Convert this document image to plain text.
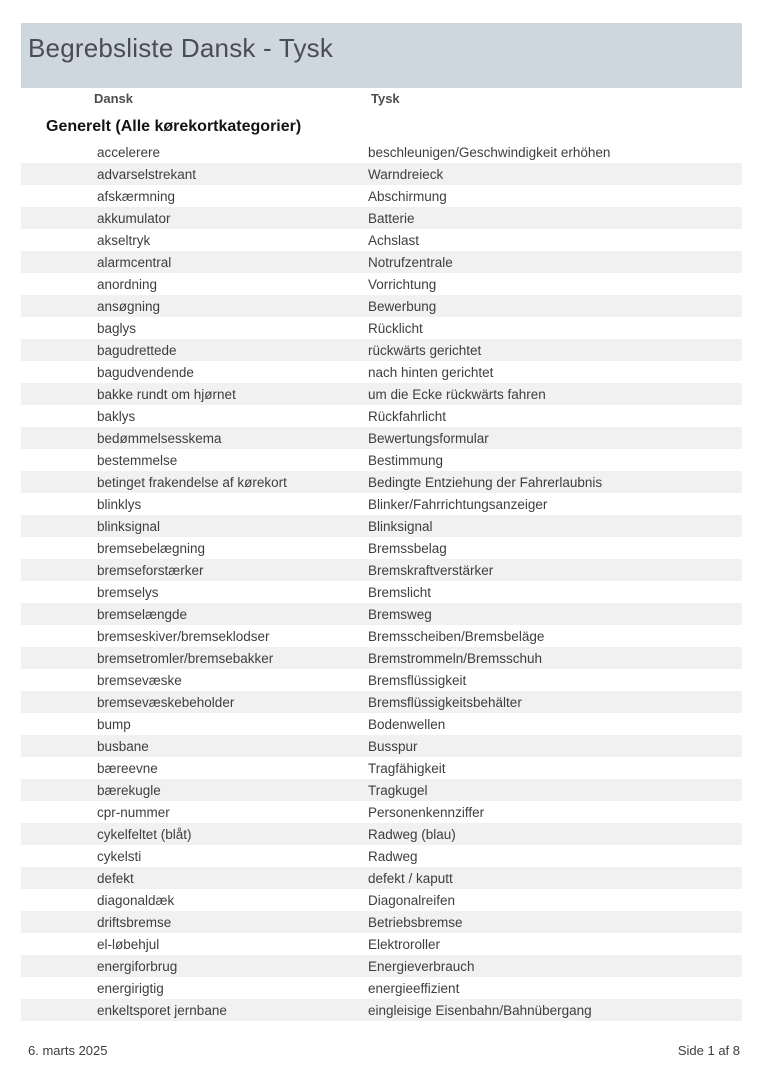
Begrebsliste Dansk - Tysk
Dansk	Tysk
Generelt (Alle kørekortkategorier)
accelerere	beschleunigen/Geschwindigkeit erhöhen
advarselstrekant	Warndreieck
afskærmning	Abschirmung
akkumulator	Batterie
akseltryk	Achslast
alarmcentral	Notrufzentrale
anordning	Vorrichtung
ansøgning	Bewerbung
baglys	Rücklicht
bagudrettede	rückwärts gerichtet
bagudvendende	nach hinten gerichtet
bakke rundt om hjørnet	um die Ecke rückwärts fahren
baklys	Rückfahrlicht
bedømmelsesskema	Bewertungsformular
bestemmelse	Bestimmung
betinget frakendelse af kørekort	Bedingte Entziehung der Fahrerlaubnis
blinklys	Blinker/Fahrrichtungsanzeiger
blinksignal	Blinksignal
bremsebelægning	Bremssbelag
bremseforstærker	Bremskraftverstärker
bremselys	Bremslicht
bremselængde	Bremsweg
bremseskiver/bremseklodser	Bremsscheiben/Bremsbeläge
bremsetromler/bremsebakker	Bremstrommeln/Bremsschuh
bremsevæske	Bremsflüssigkeit
bremsevæskebeholder	Bremsflüssigkeitsbehälter
bump	Bodenwellen
busbane	Busspur
bæreevne	Tragfähigkeit
bærekugle	Tragkugel
cpr-nummer	Personenkennziffer
cykelfeltet (blåt)	Radweg (blau)
cykelsti	Radweg
defekt	defekt / kaputt
diagonaldæk	Diagonalreifen
driftsbremse	Betriebsbremse
el-løbehjul	Elektroroller
energiforbrug	Energieverbrauch
energirigtig	energieeffizient
enkeltsporet jernbane	eingleisige Eisenbahn/Bahnübergang
6. marts 2025	Side 1 af 8
